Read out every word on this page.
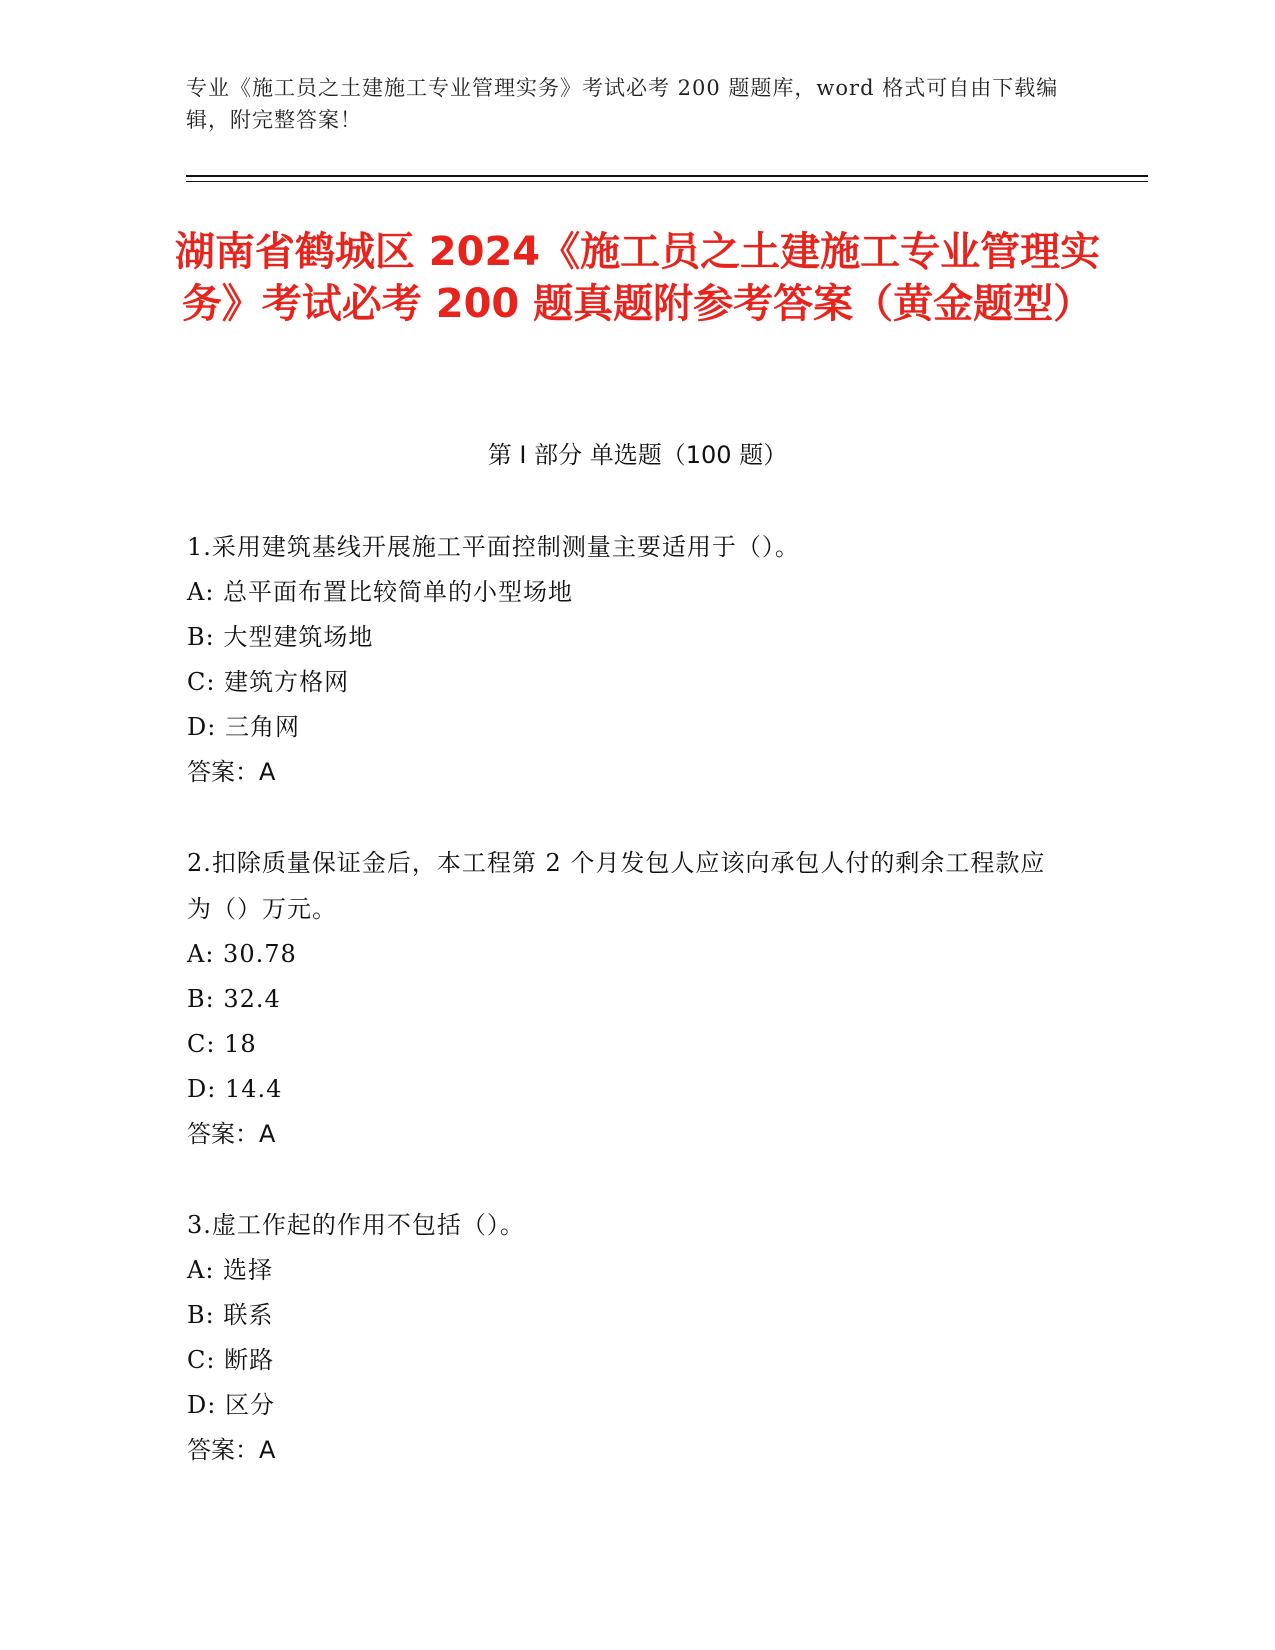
专业《施工员之土建施工专业管理实务》考试必考 200 题题库，word 格式可自由下载编辑，附完整答案！
湖南省鹤城区 2024《施工员之土建施工专业管理实务》考试必考 200 题真题附参考答案（黄金题型）
第 I 部分 单选题（100 题）

1.采用建筑基线开展施工平面控制测量主要适用于（）。

A: 总平面布置比较简单的小型场地

B: 大型建筑场地

C: 建筑方格网

D: 三角网

答案：A

2.扣除质量保证金后，本工程第 2 个月发包人应该向承包人付的剩余工程款应为（）万元。

A: 30.78

B: 32.4

C: 18

D: 14.4

答案：A

3.虚工作起的作用不包括（）。

A: 选择

B: 联系

C: 断路

D: 区分

答案：A
